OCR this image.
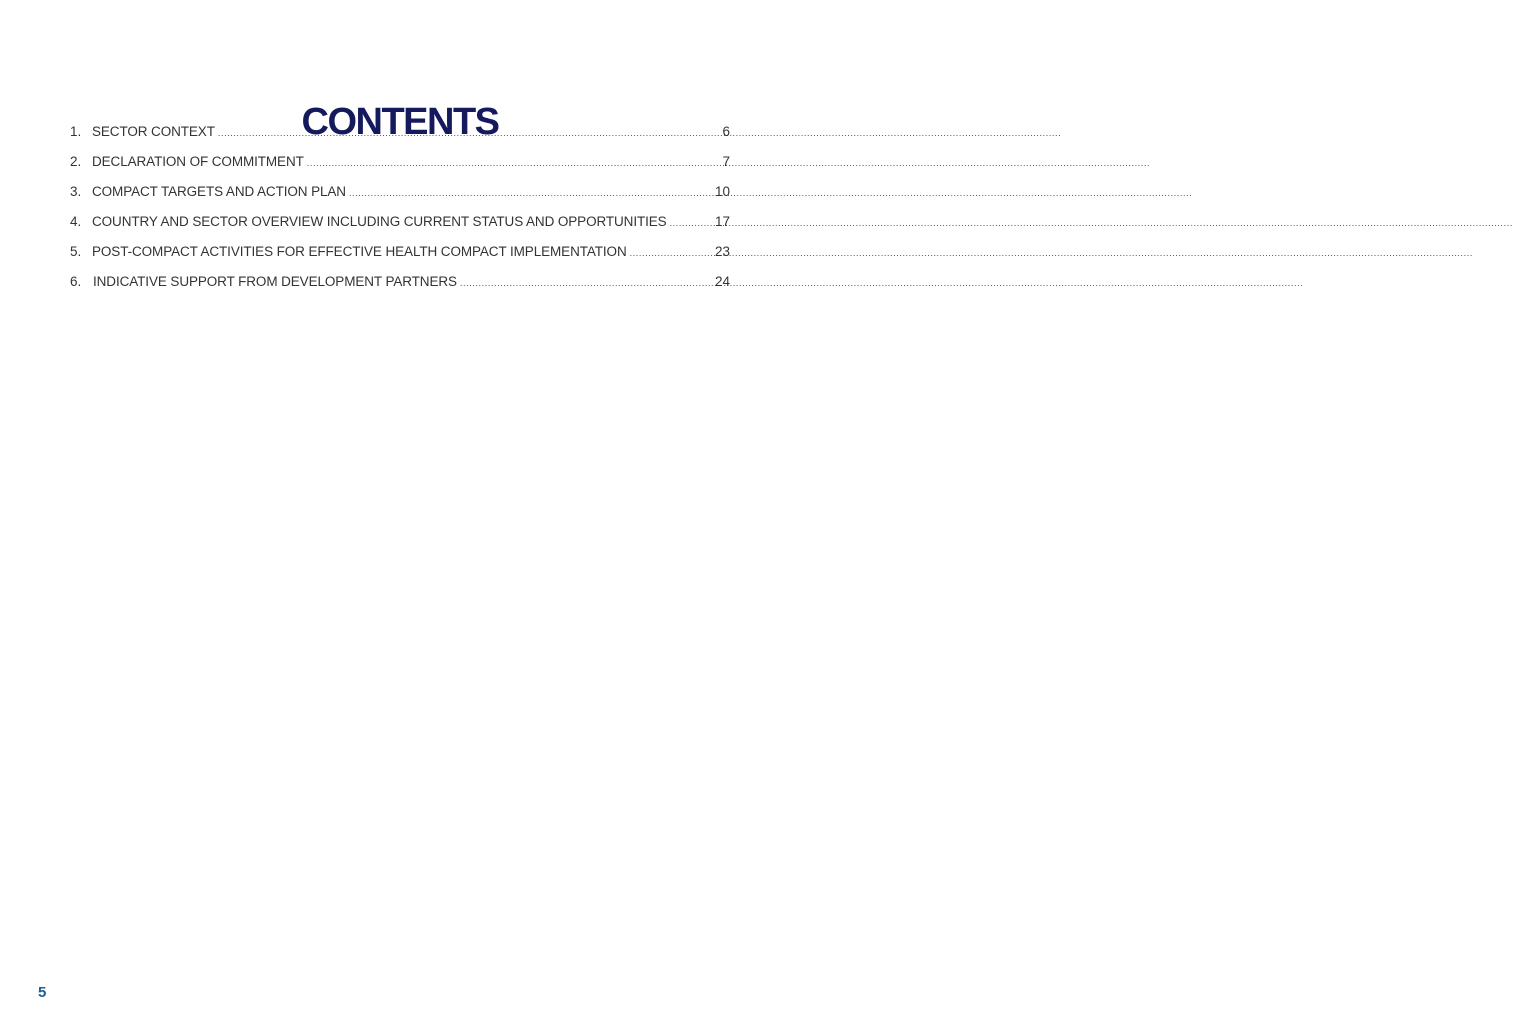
CONTENTS
1. SECTOR CONTEXT .....	6
2. DECLARATION OF COMMITMENT .....	7
3. COMPACT TARGETS AND ACTION PLAN .....	10
4. COUNTRY AND SECTOR OVERVIEW INCLUDING CURRENT STATUS AND OPPORTUNITIES .....	17
5. POST-COMPACT ACTIVITIES FOR EFFECTIVE HEALTH COMPACT IMPLEMENTATION .....	23
6. INDICATIVE SUPPORT FROM DEVELOPMENT PARTNERS .....	24
5
